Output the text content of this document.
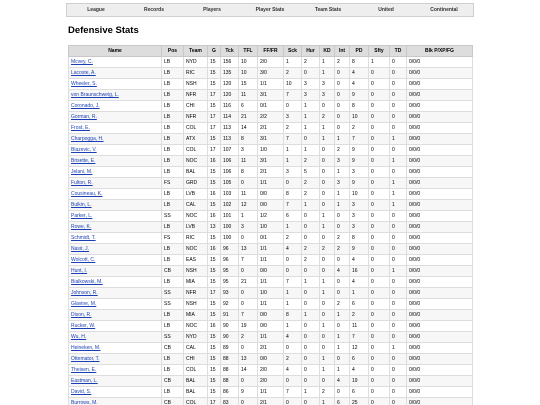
League	Records	Players	Player Stats	Team Stats	United	Continental
Defensive Stats
Name	Pos	Team	G	Tck	TFL	FF/FR	Sck	Hur	KD	Int	PD	Sfty	TD	Blk P/XP/FG
Mcvey, C.	LB	NYD	15	156	10	2/0	1	2	1	2	8	1	0	0/0/0
Lacoste, A.	LB	RIC	15	135	10	3/0	2	0	1	0	4	0	0	0/0/0
Wheeler, S.	LB	NSH	15	120	15	1/1	10	3	3	0	4	0	0	0/0/0
von Braunschweig, L.	LB	NFR	17	120	11	3/1	7	3	3	0	9	0	0	0/0/0
Coronado, J.	LB	CHI	15	116	6	0/1	0	1	0	0	8	0	0	0/0/0
Gorman, R.	LB	NFR	17	114	21	2/2	3	1	2	0	10	0	0	0/0/0
Frost, E.	LB	COL	17	113	14	2/1	2	1	1	0	2	0	0	0/0/0
Charpogga, H.	LB	ATX	15	113	8	3/1	7	0	1	1	7	0	1	0/0/0
Blazevic, V.	LB	COL	17	107	3	1/0	1	1	0	2	9	0	0	0/0/0
Brisette, E.	LB	NOC	16	106	11	3/1	1	2	0	3	9	0	1	0/0/0
Jelani, M.	LB	BAL	15	106	8	2/1	3	5	0	1	3	0	0	0/0/0
Fulton, R.	FS	GRD	15	105	0	1/1	0	2	0	3	9	0	1	0/0/0
Cousineau, K.	LB	LVB	16	103	11	0/0	8	2	0	1	10	0	1	0/0/0
Bulkin, L.	LB	CAL	15	102	12	0/0	7	1	0	1	3	0	1	0/0/0
Parker, L.	SS	NOC	16	101	1	1/2	6	0	1	0	3	0	0	0/0/0
Rowe, K.	LB	LVB	13	100	3	1/0	1	0	1	0	3	0	0	0/0/0
Schmidt, T.	FS	RIC	15	100	0	0/1	2	0	0	2	8	0	0	0/0/0
Nasir, J.	LB	NOC	16	96	13	1/1	4	2	2	2	9	0	0	0/0/0
Wolcott, C.	LB	EAS	15	96	7	1/1	0	2	0	0	4	0	0	0/0/0
Hunt, I.	CB	NSH	15	95	0	0/0	0	0	0	4	16	0	1	0/0/0
Bialkowski, M.	LB	MIA	15	95	21	1/1	7	1	1	0	4	0	0	0/0/0
Johnson, R.	SS	NFR	17	93	0	1/0	1	0	1	0	1	0	0	0/0/0
Glavine, M.	SS	NSH	15	92	0	1/1	1	0	0	2	6	0	0	0/0/0
Dixon, R.	LB	MIA	15	91	7	0/0	8	1	0	1	2	0	0	0/0/0
Rucker, W.	LB	NOC	16	90	19	0/0	1	0	1	0	11	0	0	0/0/0
Wu, H.	SS	NYD	15	90	2	1/1	4	0	0	1	7	0	0	0/0/0
Heineken, M.	CB	CAL	15	89	0	2/1	0	0	0	1	12	0	1	0/0/0
Ottemator, T.	LB	CHI	15	88	13	0/0	2	0	1	0	6	0	0	0/0/0
Theisen, E.	LB	COL	15	88	14	2/0	4	0	1	1	4	0	0	0/0/0
Eastman, L.	CB	BAL	15	88	0	2/0	0	0	0	4	19	0	0	0/0/0
David, S.	LB	BAL	15	86	9	1/1	7	1	2	0	6	0	0	0/0/0
Burrows, M.	CB	COL	17	83	0	2/1	0	0	1	6	25	0	0	0/0/0
